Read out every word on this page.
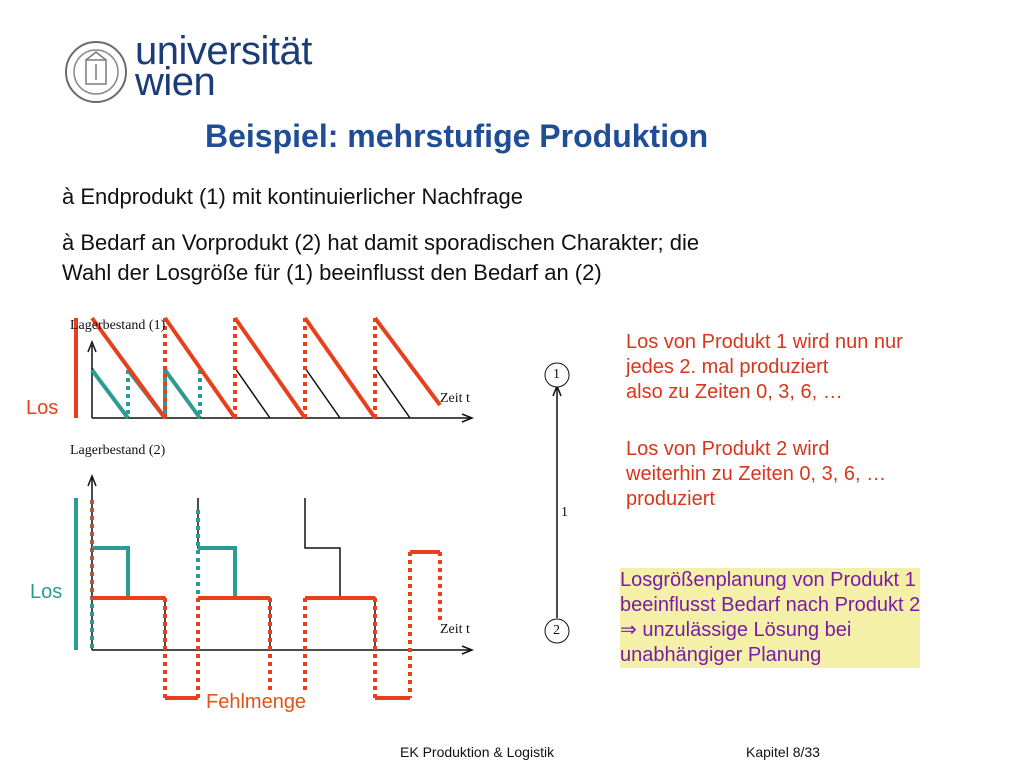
universität
wien
Beispiel: mehrstufige Produktion
à Endprodukt (1) mit kontinuierlicher Nachfrage
à Bedarf an Vorprodukt (2) hat damit sporadischen Charakter; die
Wahl der Losgröße für (1) beeinflusst den Bedarf an (2)
Lagerbestand (1)
Zeit t
Lagerbestand (2)
Zeit t
Los
Los
Fehlmenge
1
2
1
Los von Produkt 1 wird nun nur
jedes 2. mal produziert
also zu Zeiten 0, 3, 6, …
Los von Produkt 2 wird
weiterhin zu Zeiten 0, 3, 6, …
produziert
Losgrößenplanung von Produkt 1
beeinflusst Bedarf nach Produkt 2
⇒ unzulässige Lösung bei
unabhängiger Planung
EK Produktion & Logistik	Kapitel 8/33
